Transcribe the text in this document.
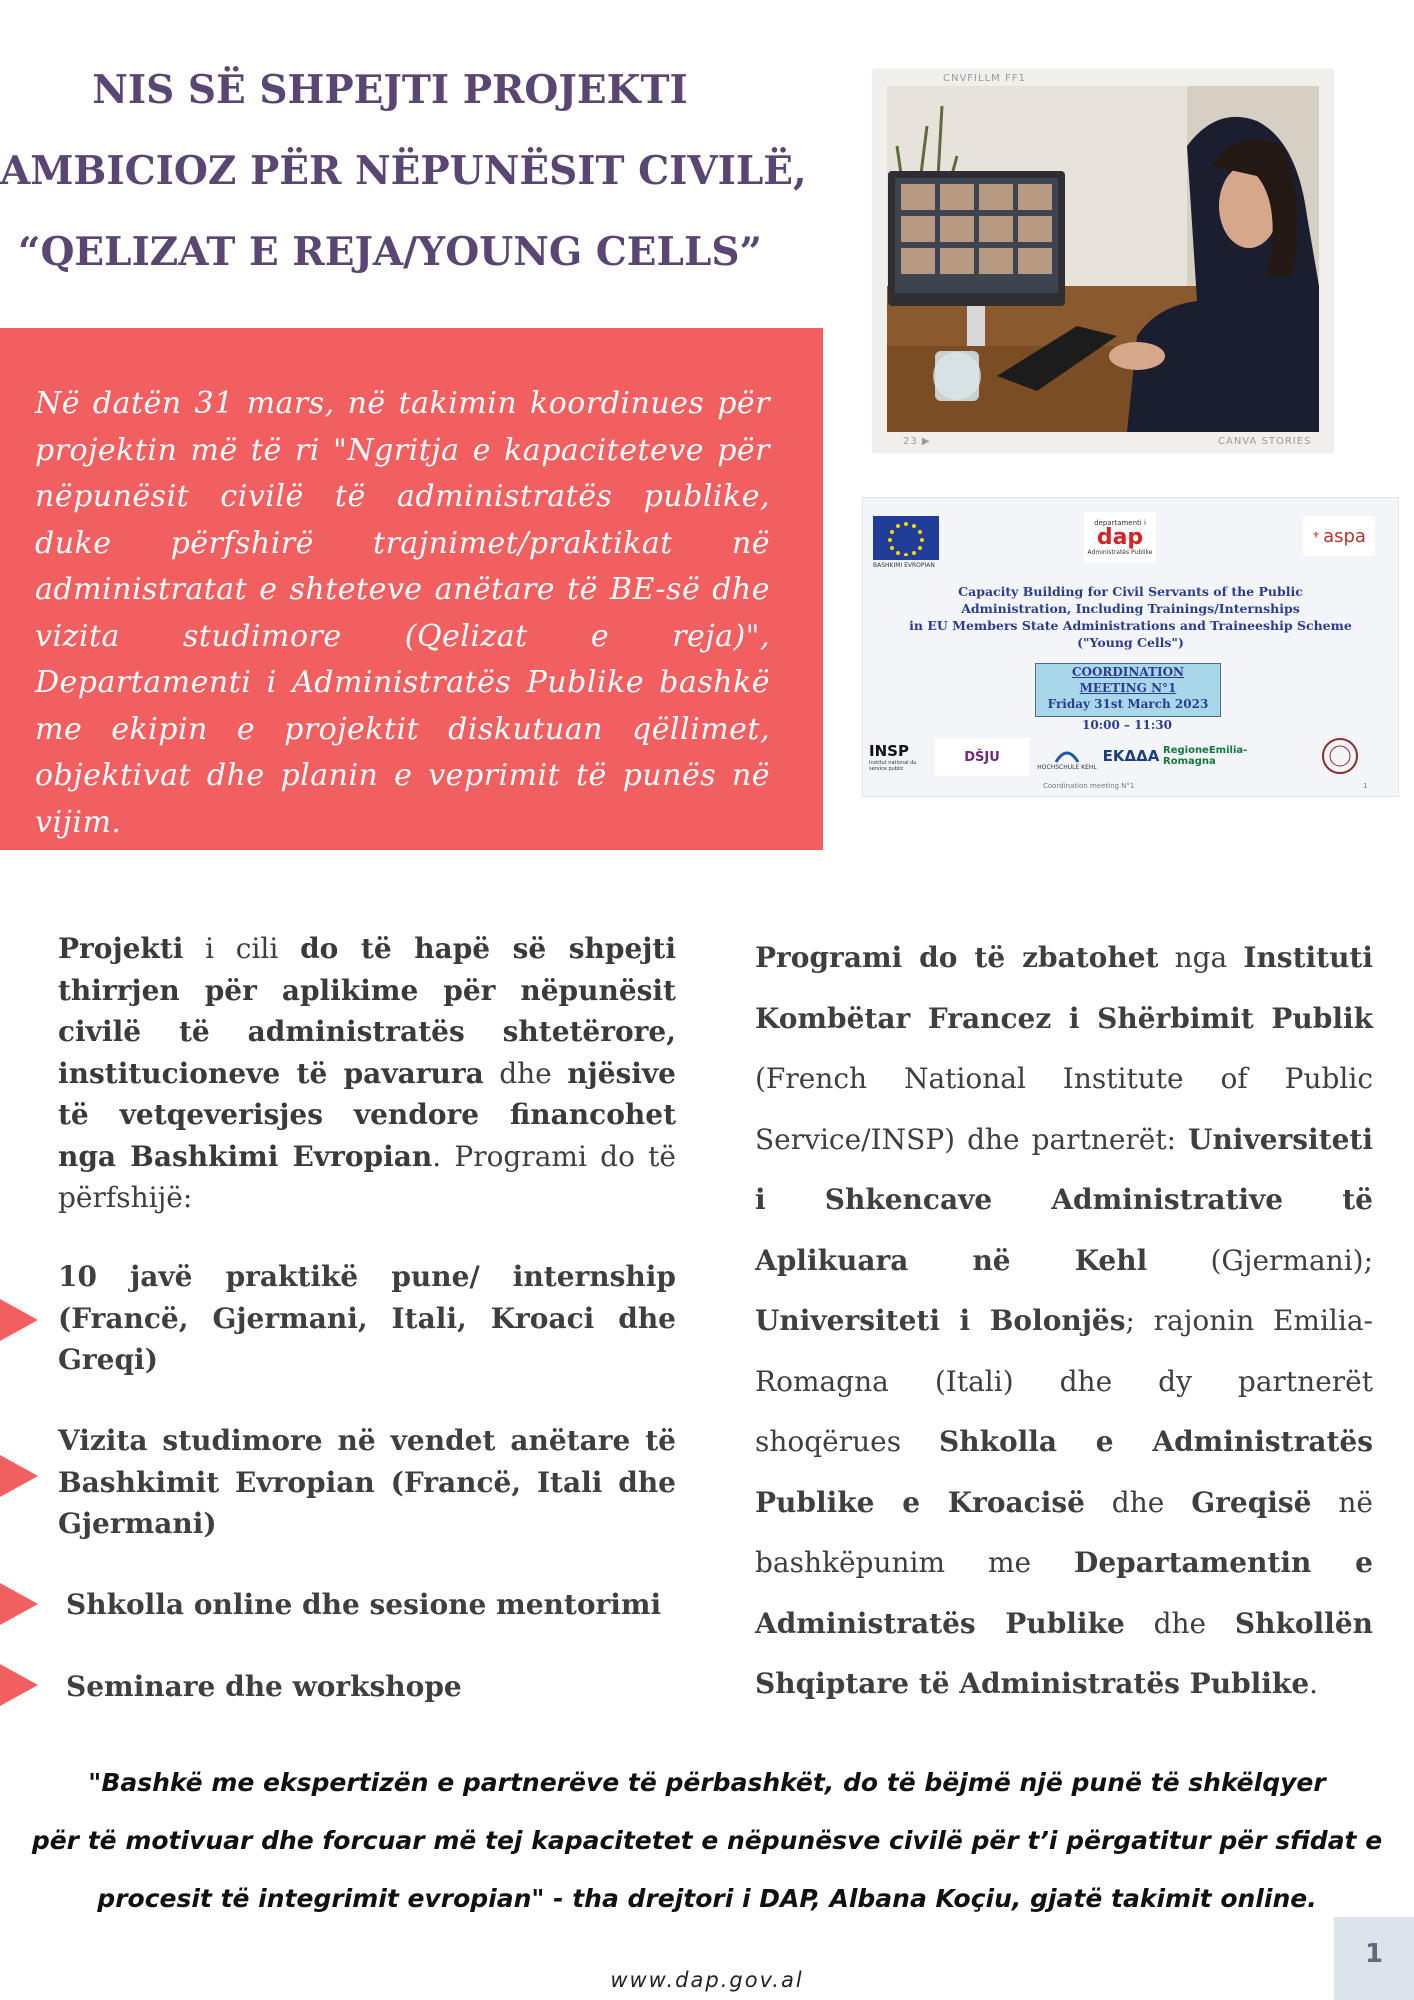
NIS SË SHPEJTI PROJEKTI
AMBICIOZ PËR NËPUNËSIT CIVILË,
“QELIZAT E REJA/YOUNG CELLS”
Në datën 31 mars, në takimin koordinues për projektin më të ri "Ngritja e kapaciteteve për nëpunësit civilë të administratës publike, duke përfshirë trajnimet/praktikat në administratat e shteteve anëtare të BE-së dhe vizita studimore (Qelizat e reja)", Departamenti i Administratës Publike bashkë me ekipin e projektit diskutuan qëllimet, objektivat dhe planin e veprimit të punës në vijim.
CNVFILLM FF1
23 ▶	CANVA STORIES
BASHKIMI EVROPIAN
departamenti i
dap
Administratës Publike
⚜ aspa
Capacity Building for Civil Servants of the Public
Administration, Including Trainings/Internships
in EU Members State Administrations and Traineeship Scheme
("Young Cells")
COORDINATION
MEETING N°1
Friday 31st March 2023
10:00 – 11:30
INSP
Institut national du service public
DŠJU
HOCHSCHULE KEHL
ΕΚΔΔΑ RegioneEmilia-Romagna
Coordination meeting N°1	1
Projekti i cili do të hapë së shpejti thirrjen për aplikime për nëpunësit civilë të administratës shtetërore, institucioneve të pavarura dhe njësive të vetqeverisjes vendore financohet nga Bashkimi Evropian. Programi do të përfshijë:
10 javë praktikë pune/ internship (Francë, Gjermani, Itali, Kroaci dhe Greqi)
Vizita studimore në vendet anëtare të Bashkimit Evropian (Francë, Itali dhe Gjermani)
Shkolla online dhe sesione mentorimi
Seminare dhe workshope
Programi do të zbatohet nga Instituti Kombëtar Francez i Shërbimit Publik (French National Institute of Public Service/INSP) dhe partnerët: Universiteti i Shkencave Administrative të Aplikuara në Kehl (Gjermani); Universiteti i Bolonjës; rajonin Emilia-Romagna (Itali) dhe dy partnerët shoqërues Shkolla e Administratës Publike e Kroacisë dhe Greqisë në bashkëpunim me Departamentin e Administratës Publike dhe Shkollën Shqiptare të Administratës Publike.
"Bashkë me ekspertizën e partnerëve të përbashkët, do të bëjmë një punë të shkëlqyer
për të motivuar dhe forcuar më tej kapacitetet e nëpunësve civilë për t’i përgatitur për sfidat e
procesit të integrimit evropian" - tha drejtori i DAP, Albana Koçiu, gjatë takimit online.
www.dap.gov.al
1
